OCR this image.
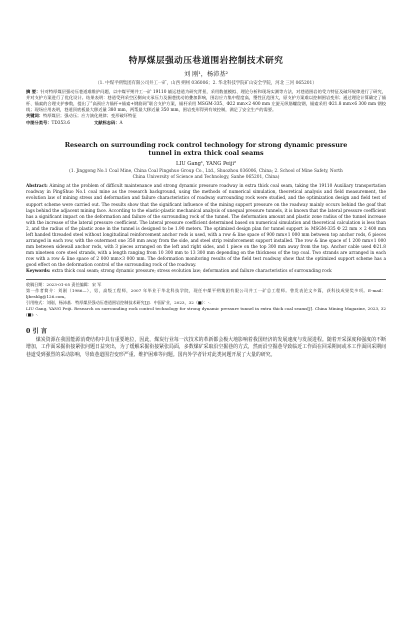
特厚煤层强动压巷道围岩控制技术研究
刘 刚¹，杨沛基²
（1. 中煤平朔集团有限公司井工一矿，山西 朔州 036006；2. 华北科技学院矿山安全学院，河北 三河 065201）
摘 要：针对特厚煤层强动压巷道难维护问题，以中煤平朔井工一矿 19110 辅运巷道为研究背景，采用数值模拟、理论分析和现场实测等方法，对巷道围岩的受力特征及破坏规律进行了研究，并对支护方案进行了优化设计。结果表明：巷道受到采空区侧向支承压力及掘巷扰动的叠加影响，围岩应力集中程度高，塑性区范围大，原支护方案难以控制围岩变形；通过理论计算确定了锚杆、锚索的合理支护参数，提出了“高预应力锚杆+锚索+钢筋网”联合支护方案，锚杆采用 MSGM-335、Φ22 mm×2 400 mm 左旋无纵筋螺纹钢，锚索采用 Φ21.8 mm×6 300 mm 钢绞线；现场应用表明，巷道顶底板最大移近量 380 mm，两帮最大移近量 350 mm，围岩变形得到有效控制，满足了安全生产的需要。
关键词：特厚煤层；强动压；应力演化规律；变形破坏特征
中图分类号：TD353.6	文献标志码：A
Research on surrounding rock control technology for strong dynamic pressure tunnel in extra thick coal seams
LIU Gang¹, YANG Peiji²
(1. Jinggong No.1 Coal Mine, China Coal Pingshuo Group Co., Ltd., Shuozhou 036006, China; 2. School of Mine Safety, North
China University of Science and Technology, Sanhe 065201, China)
Abstract: Aiming at the problem of difficult maintenance and strong dynamic pressure roadway in extra thick coal seam, taking the 19110 Auxiliary transportation roadway in PingShuo No.1 coal mine as the research background, using the methods of numerical simulation, theoretical analysis and field measurement, the evolution law of mining stress and deformation and failure characteristics of roadway surrounding rock were studied, and the optimization design and field test of support scheme were carried out. The results show that the significant influence of the mining support pressure on the roadway mainly occurs behind the goaf that lags behind the adjacent mining face. According to the elastic-plastic mechanical analysis of unequal pressure tunnels, it is known that the lateral pressure coefficient has a significant impact on the deformation and failure of the surrounding rock of the tunnel. The deformation amount and plastic zone radius of the tunnel increase with the increase of the lateral pressure coefficient. The lateral pressure coefficient determined based on numerical simulation and theoretical calculation is less than 2, and the radius of the plastic zone in the tunnel is designed to be 1.90 meters. The optimized design plan for tunnel support is: MSGM-335 Φ 22 mm × 2 400 mm left handed threaded steel without longitudinal reinforcement anchor rods is used, with a row & line space of 900 mm×1 000 mm between top anchor rods, 6 pieces arranged in each row, with the outermost one 350 mm away from the side, and steel strip reinforcement support installed. The row & line space of 1 200 mm×1 000 mm between sidewall anchor rods, with 3 pieces arranged on the left and right sides, and 1 piece on the top 300 mm away from the top. Anchor cable used Φ21.8 mm nineteen core steel strands, with a length ranging from 10 300 mm to 13 300 mm depending on the thickness of the top coal. Two strands are arranged in each row with a row & line space of 2 000 mm×3 000 mm. The deformation monitoring results of the field test roadway show that the optimized support scheme has a good effect on the deformation control of the surrounding rock of the roadway.
Keywords: extra thick coal seam; strong dynamic pressure; stress evolution law; deformation and failure characteristics of surrounding rock
收稿日期：2023-01-05 责任编辑：宋 军
第一作者简介：刘刚（1986—），男，高级工程师，2007 年毕业于华北科技学院，现任中煤平朔集团有限公司井工一矿总工程师。曾发表论文多篇，获科技成果奖多项。E-mail：ljbeshlg@126.com。
引用格式：刘刚，杨沛基．特厚煤层强动压巷道围岩控制技术研究[J]．中国矿业，2023，32（■）：-.
LIU Gang, YANG Peiji. Research on surrounding rock control technology for strong dynamic pressure tunnel in extra thick coal seams[J]. China Mining Magazine, 2023, 32 (■): -.
0 引 言
煤炭资源在我国能源消费结构中具有重要地位，因此，煤炭行业每一次技术的革新都会极大地影响着我国经济的发展速度与发展进程。随着开采深度和强度的不断增加，工作面采掘衔接紧张问题日益突出，为了缓解采掘衔接紧张局面，多数煤矿采取沿空掘巷的方式，然而沿空掘巷导致临近工作面在回采期间或本工作面回采期间巷道受到强烈的采动影响，导致巷道围岩变形严重、维护困难等问题。国内外学者针对此类问题开展了大量的研究。
